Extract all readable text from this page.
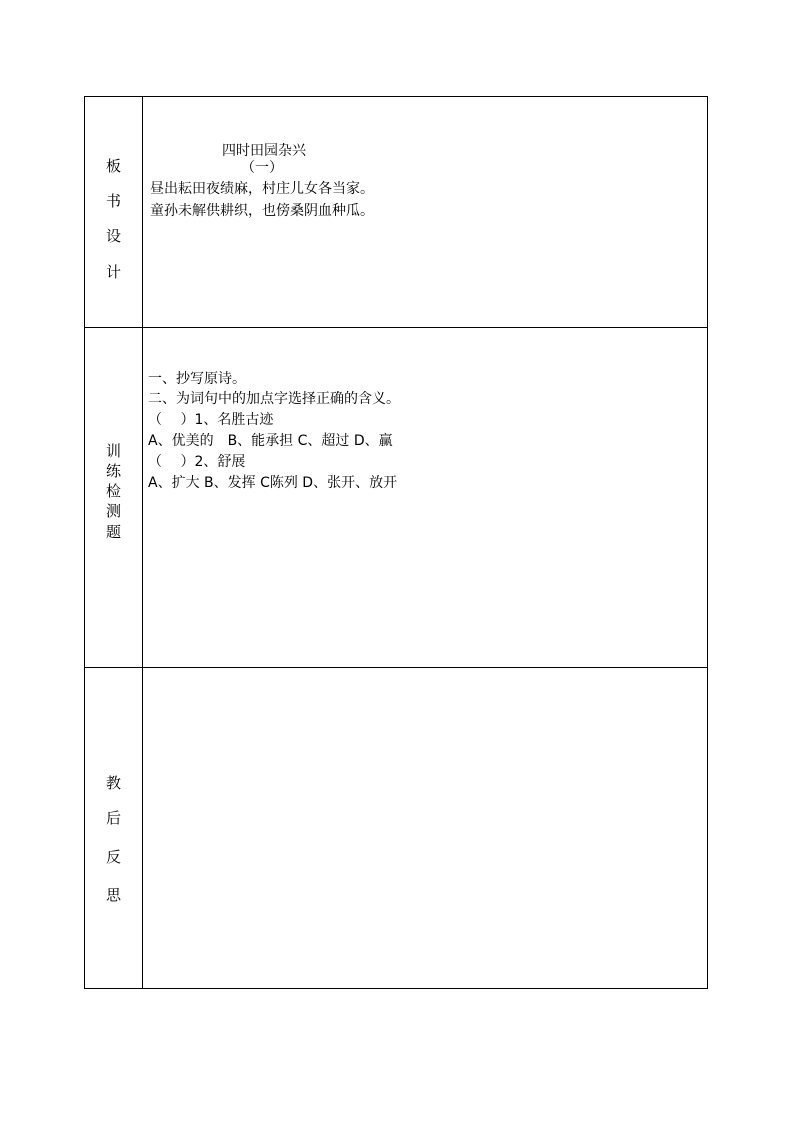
板
书
设
计
四时田园杂兴
（一）
昼出耘田夜绩麻，村庄儿女各当家。
童孙未解供耕织，也傍桑阴血种瓜。
训
练
检
测
题
一、抄写原诗。
二、为词句中的加点字选择正确的含义。
（　 ）1、名胜古迹
A、优美的　B、能承担 C、超过 D、赢
（　 ）2、舒展
A、扩大 B、发挥 C陈列 D、张开、放开
教
后
反
思
